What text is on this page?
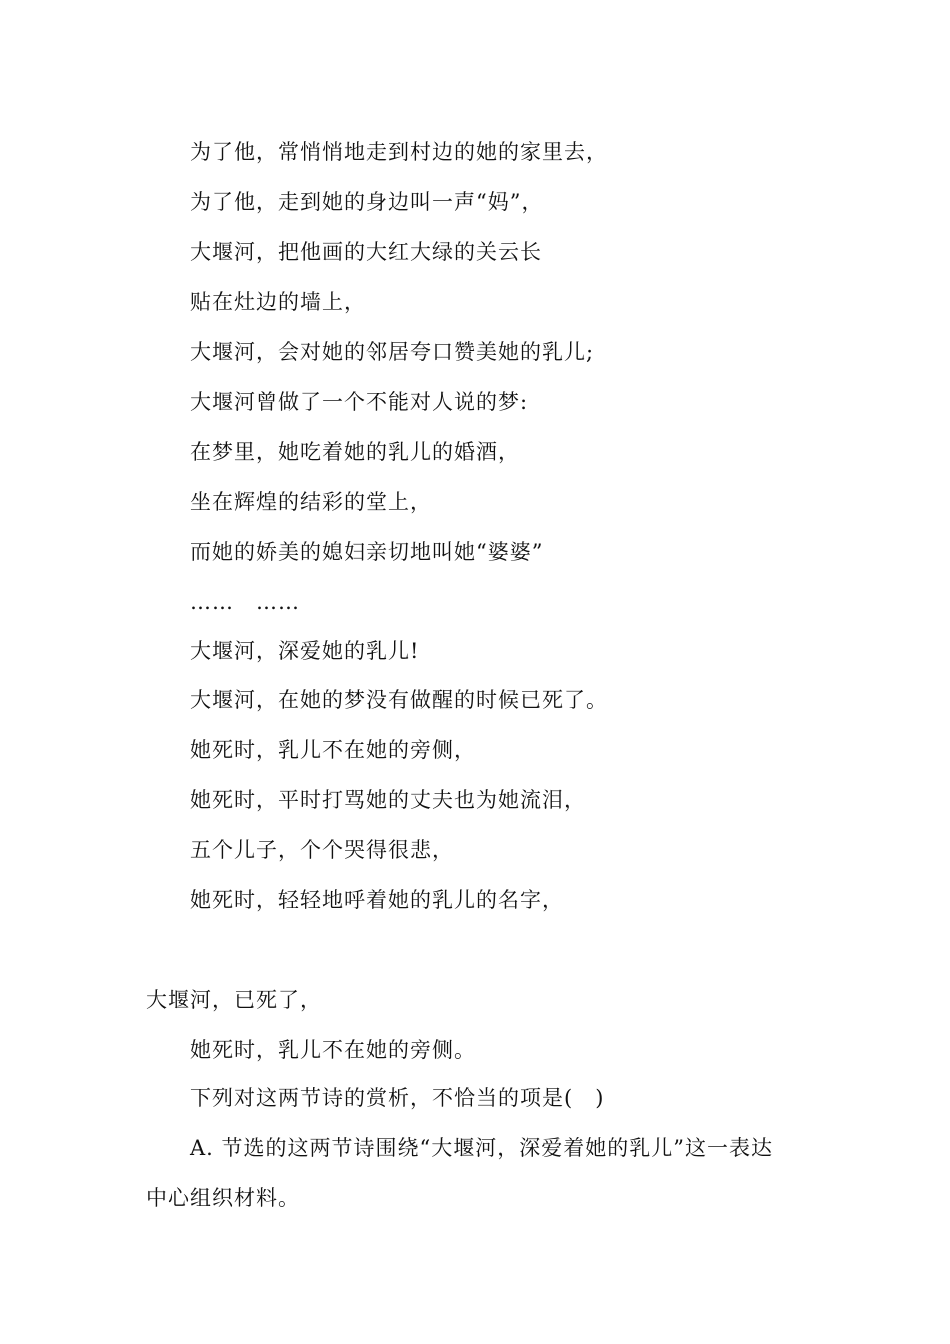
为了他，常悄悄地走到村边的她的家里去，
为了他，走到她的身边叫一声“妈”，
大堰河，把他画的大红大绿的关云长
贴在灶边的墙上，
大堰河，会对她的邻居夸口赞美她的乳儿;
大堰河曾做了一个不能对人说的梦:
在梦里，她吃着她的乳儿的婚酒，
坐在辉煌的结彩的堂上，
而她的娇美的媳妇亲切地叫她“婆婆”
……　……
大堰河，深爱她的乳儿!
大堰河，在她的梦没有做醒的时候已死了。
她死时，乳儿不在她的旁侧，
她死时，平时打骂她的丈夫也为她流泪，
五个儿子，个个哭得很悲，
她死时，轻轻地呼着她的乳儿的名字，
大堰河，已死了，
她死时，乳儿不在她的旁侧。
下列对这两节诗的赏析，不恰当的项是(　)
A. 节选的这两节诗围绕“大堰河，深爱着她的乳儿”这一表达
中心组织材料。
